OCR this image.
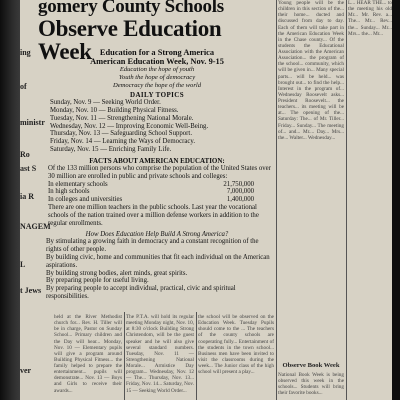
ing
of
ministr
Ro
ast S
ia R
NAGEM
L
t Jews
ver
gomery County Schools
Observe Education Week Education for a Strong America
American Education Week, Nov. 9-15
Education the hope of youth
Youth the hope of democracy
Democracy the hope of the world
DAILY TOPICS
Sunday, Nov. 9 — Seeking World Order.
Monday, Nov. 10 — Building Physical Fitness.
Tuesday, Nov. 11 — Strengthening National Morale.
Wednesday, Nov. 12 — Improving Economic Well-Being.
Thursday, Nov. 13 — Safeguarding School Support.
Friday, Nov. 14 — Learning the Ways of Democracy.
Saturday, Nov. 15 — Enriching Family Life.
FACTS ABOUT AMERICAN EDUCATION:
Of the 133 million persons who comprise the population of the United States over 30 million are enrolled in public and private schools and colleges:
In elementary schools	21,750,000
In high schools	7,000,000
In colleges and universities	1,400,000
There are one million teachers in the public schools. Last year the vocational schools of the nation trained over a million defense workers in addition to the regular enrollments.
How Does Education Help Build A Strong America?
By stimulating a growing faith in democracy and a constant recognition of the rights of other people.
By building civic, home and communities that fit each individual on the American aspirations.
By building strong bodies, alert minds, great spirits.
By preparing people for useful living.
By preparing people to accept individual, practical, civic and spiritual responsibilities.
held at the River Methodist church for... Rev. H. Tiller will be in charge, Pastor on Sunday School... Primary children and the Day will hear... Monday, Nov. 10 — Elementary pupils will give a program around Building Physical Fitness... the family helped to prepare the entertainment... pupils will demonstrate... Nov. 13 — Boys and Girls to receive their awards...
The P.T.A. will hold its regular meeting Monday night, Nov. 10, at 8:30 o'clock Building Strong Christendom, will be the guest speaker and he will also give several standard numbers. Tuesday, Nov. 11 — Strengthening National Morale... Armistice Day program... Wednesday, Nov. 12 — The... Thursday, Nov. 13... Friday, Nov. 14... Saturday, Nov. 15 — Seeking World Order...
the school will be observed on the Education Week. Tuesday Pupils should come to the ... The teachers of the county schools are cooperating fully... Entertainment of the students in the town school... Business men have been invited to visit the classrooms during the week... The Junior class of the high school will present a play...
Young people will be the children in this section of the... their home... ducted and discussed from day to day. Each of them will take part in the American Education Week in the Chase county... Of the students the Educational Association with the American Association... the program of the school... community, which will be given in... Many special parts... will be held... was brought out... to find the help... Interest in the program of... Wednesday Roosevelt asks... President Roosevelt... the teachers... its meeting will be at... The opening of the... Saturday: The... of Mr. Tiller... Friday... Sunday... The meeting of... and... Mr.... Day... Mrs... the... Walter... Wednesday...
L... HEAR THE... to the meeting his old Mr... Mr. Rev. a... The... Mr... Rev... the... Sunday... Mr... Mrs... the... Mr...
Observe Book Week
National Book Week is being observed this week in the schools... Students will bring their favorite books...
